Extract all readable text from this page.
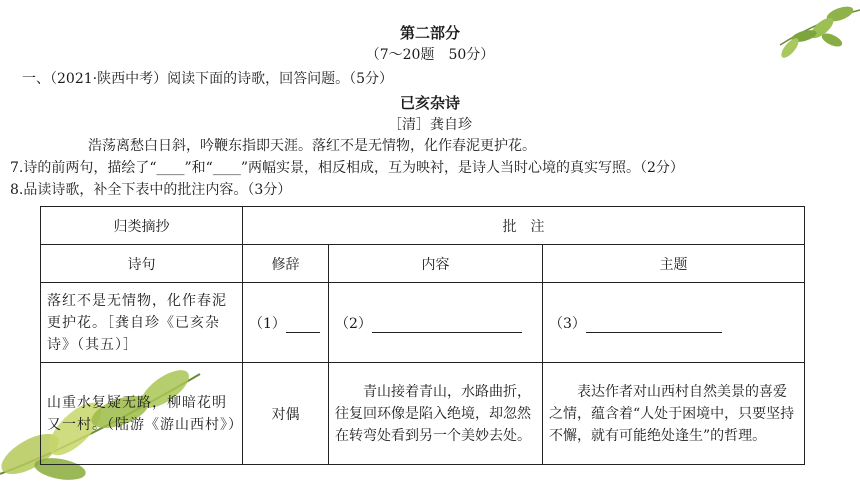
第二部分
（7～20题　50分）
一、（2021·陕西中考）阅读下面的诗歌，回答问题。（5分）
已亥杂诗
［清］龚自珍
浩荡离愁白日斜，吟鞭东指即天涯。落红不是无情物，化作春泥更护花。
7.诗的前两句，描绘了“____”和“____”两幅实景，相反相成，互为映衬，是诗人当时心境的真实写照。（2分）
8.品读诗歌，补全下表中的批注内容。（3分）
归类摘抄	批　注		
诗句	修辞	内容	主题
落红不是无情物，化作春泥更护花。［龚自珍《已亥杂诗》（其五）］	（1）	（2）	（3）
山重水复疑无路，柳暗花明又一村。（陆游《游山西村》）	对偶	青山接着青山，水路曲折，往复回环像是陷入绝境，却忽然在转弯处看到另一个美妙去处。	表达作者对山西村自然美景的喜爱之情，蕴含着“人处于困境中，只要坚持不懈，就有可能绝处逢生”的哲理。
